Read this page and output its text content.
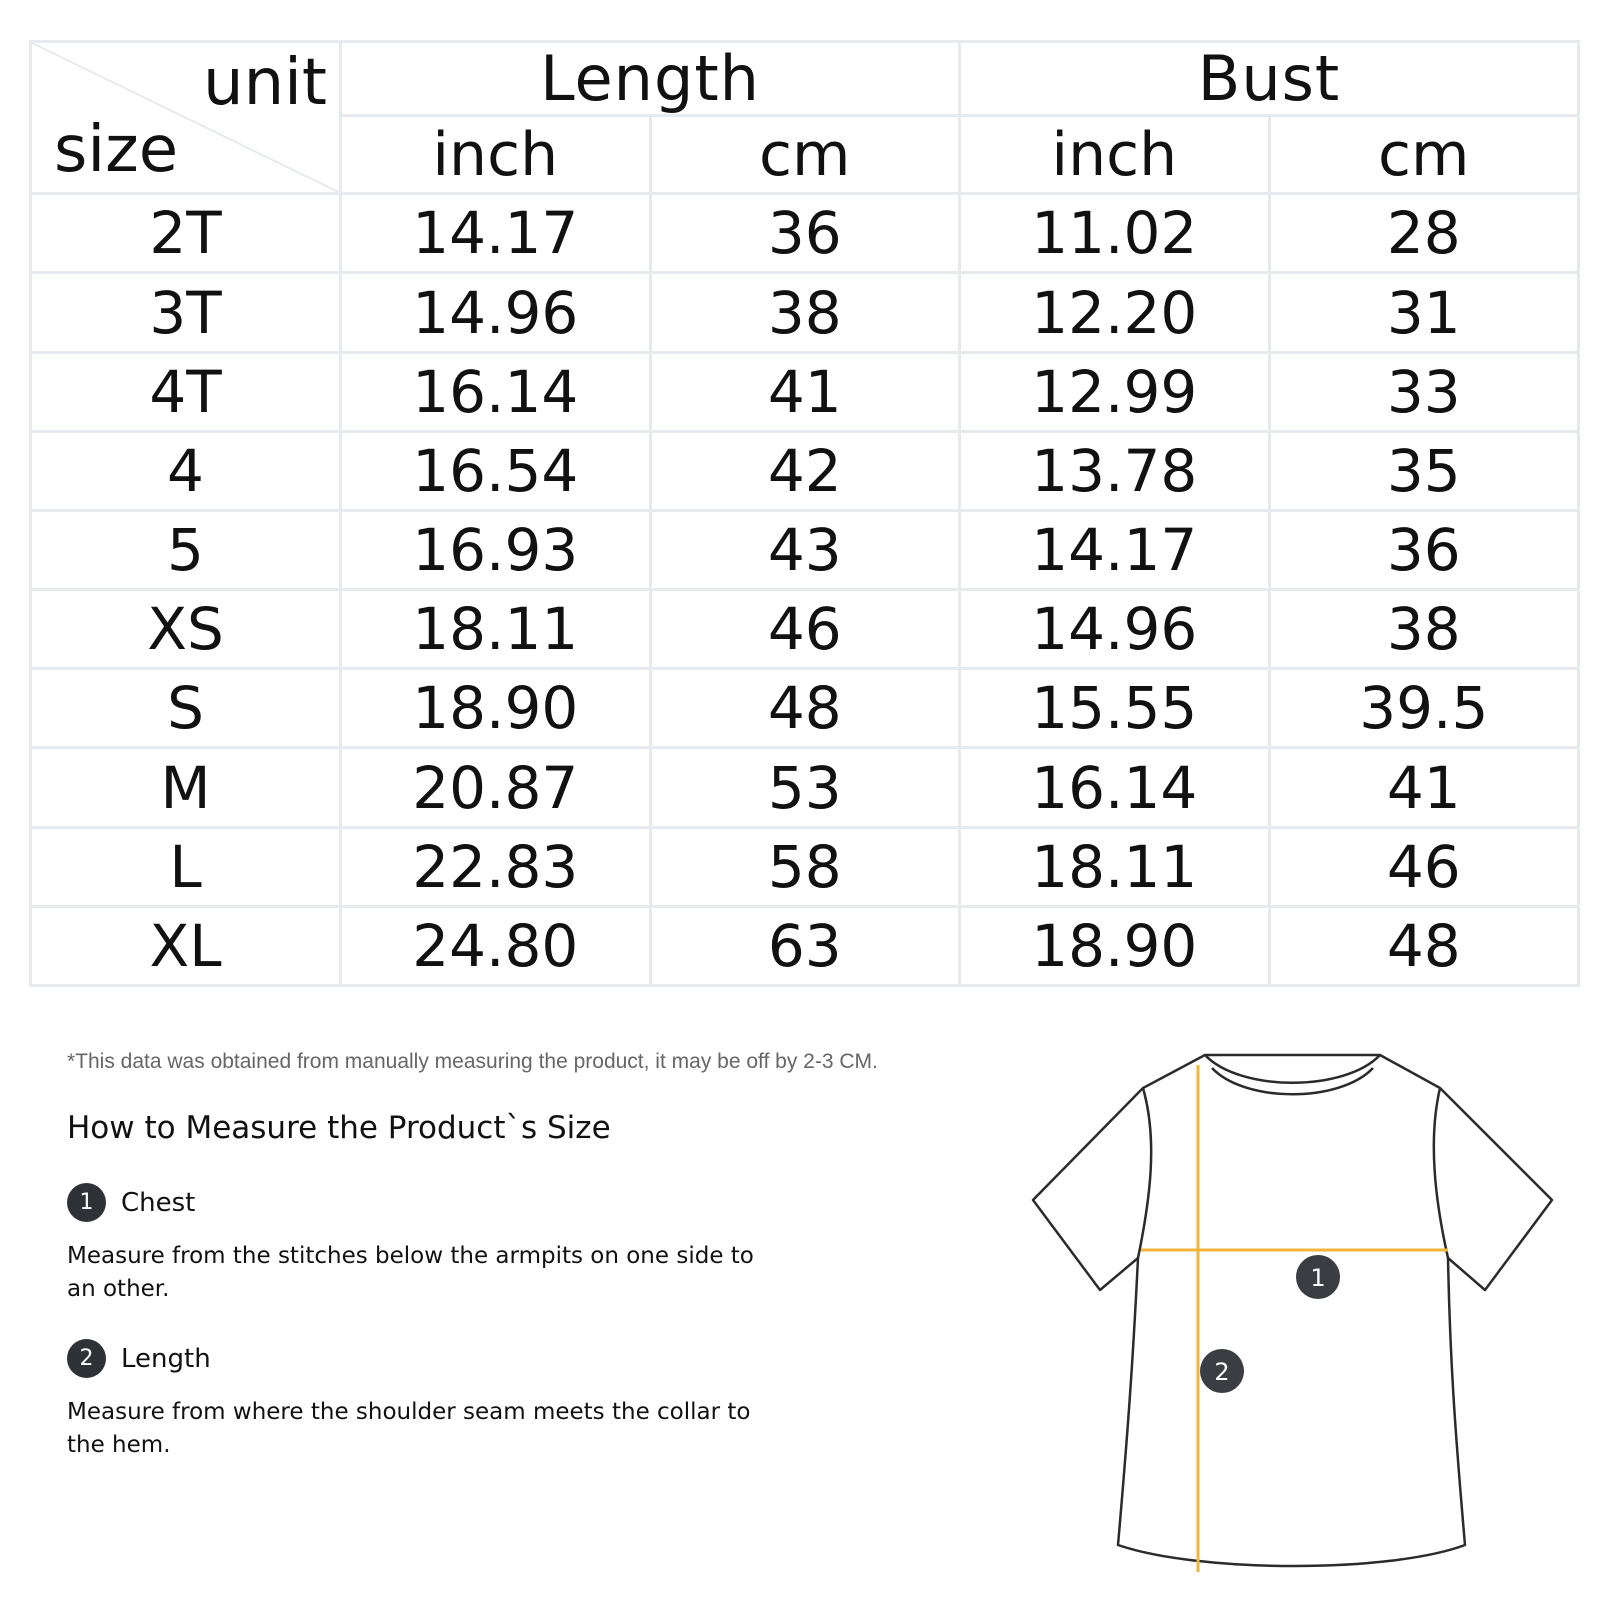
unit
size	Length		Bust	
	inch	cm	inch	cm
2T	14.17	36	11.02	28
3T	14.96	38	12.20	31
4T	16.14	41	12.99	33
4	16.54	42	13.78	35
5	16.93	43	14.17	36
XS	18.11	46	14.96	38
S	18.90	48	15.55	39.5
M	20.87	53	16.14	41
L	22.83	58	18.11	46
XL	24.80	63	18.90	48
*This data was obtained from manually measuring the product, it may be off by 2-3 CM.
How to Measure the Product`s Size
1	Chest
Measure from the stitches below the armpits on one side to an other.
2	Length
Measure from where the shoulder seam meets the collar to the hem.
1
2
